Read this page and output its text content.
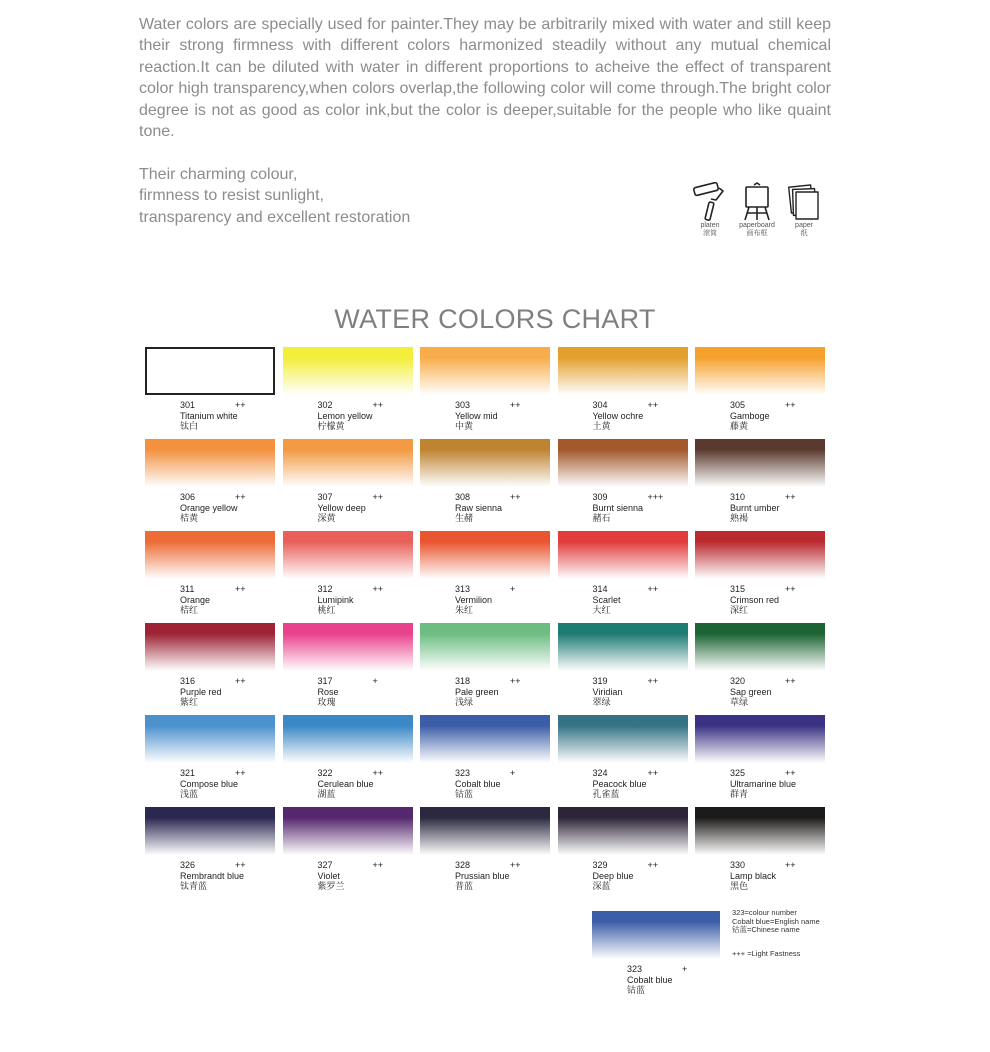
Water colors are specially used for painter.They may be arbitrarily mixed with water and still keep their strong firmness with different colors harmonized steadily without any mutual chemical reaction.It can be diluted with water in different proportions to acheive the effect of transparent color high transparency,when colors overlap,the following color will come through.The bright color degree is not as good as color ink,but the color is deeper,suitable for the people who like quaint tone.

Their charming colour,
firmness to resist sunlight,
transparency and excellent restoration	platen
滚筒
paperboard
画布框
paper
纸
WATER COLORS CHART
301	++
Titanium white
钛白
302	++
Lemon yellow
柠檬黄
303	++
Yellow mid
中黄
304	++
Yellow ochre
土黄
305	++
Gamboge
藤黄
306	++
Orange yellow
桔黄
307	++
Yellow deep
深黄
308	++
Raw sienna
生赭
309	+++
Burnt sienna
赭石
310	++
Burnt umber
熟褐
311	++
Orange
桔红
312	++
Lumipink
桃红
313	+
Vermilion
朱红
314	++
Scarlet
大红
315	++
Crimson red
深红
316	++
Purple red
紫红
317	+
Rose
玫瑰
318	++
Pale green
浅绿
319	++
Viridian
翠绿
320	++
Sap green
草绿
321	++
Compose blue
浅蓝
322	++
Cerulean blue
湖蓝
323	+
Cobalt blue
钴蓝
324	++
Peacock blue
孔雀蓝
325	++
Ultramarine blue
群青
326	++
Rembrandt blue
钛青蓝
327	++
Violet
紫罗兰
328	++
Prussian blue
普蓝
329	++
Deep blue
深蓝
330	++
Lamp black
黑色
323	+
Cobalt blue
钴蓝
323=colour number
Cobalt blue=English name
钴蓝=Chinese name
+++ =Light Fastness
